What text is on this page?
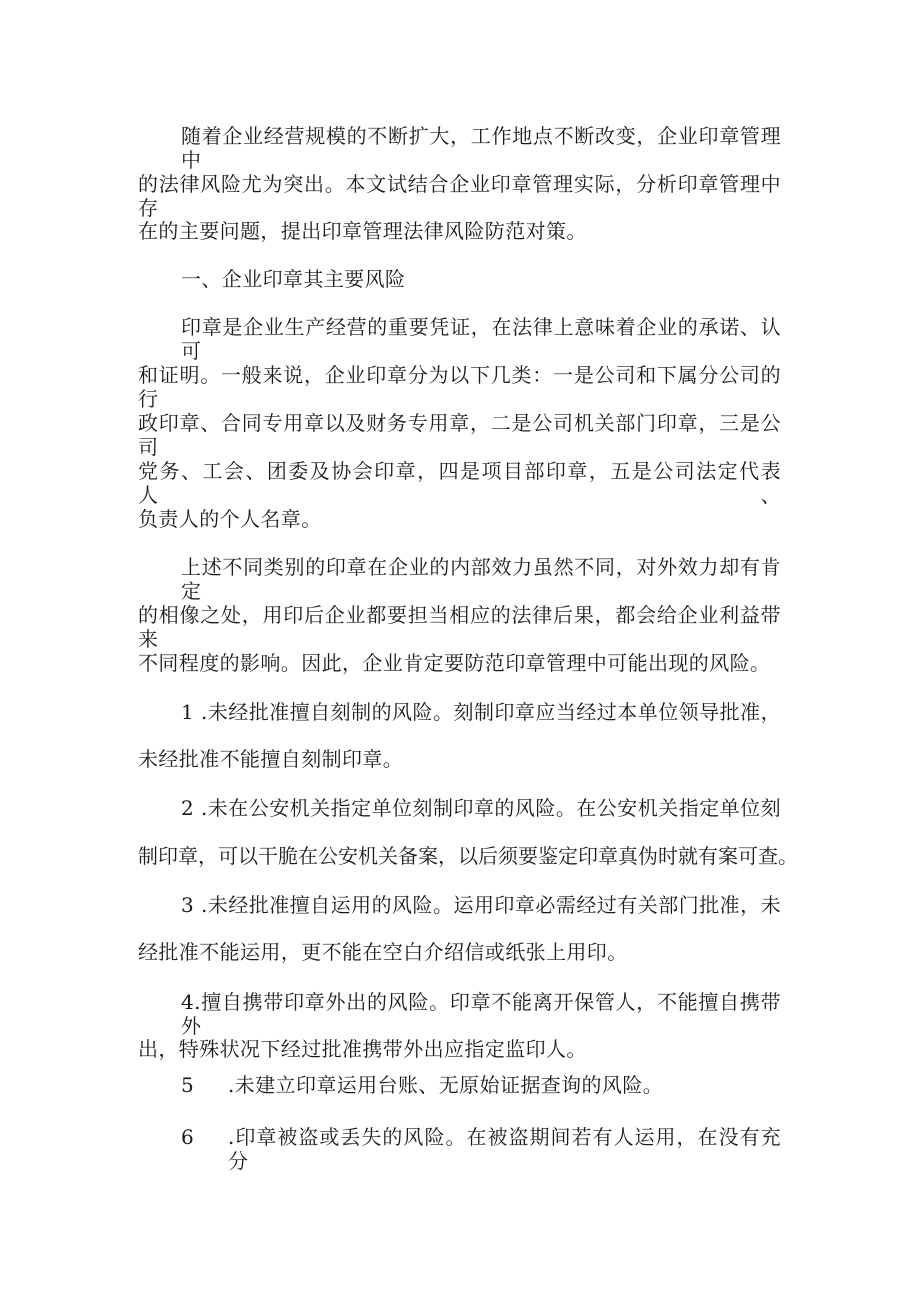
随着企业经营规模的不断扩大，工作地点不断改变，企业印章管理中
的法律风险尤为突出。本文试结合企业印章管理实际，分析印章管理中存
在的主要问题，提出印章管理法律风险防范对策。
一、企业印章其主要风险
印章是企业生产经营的重要凭证，在法律上意味着企业的承诺、认可
和证明。一般来说，企业印章分为以下几类：一是公司和下属分公司的行
政印章、合同专用章以及财务专用章，二是公司机关部门印章，三是公司
党务、工会、团委及协会印章，四是项目部印章，五是公司法定代表人、
负责人的个人名章。
上述不同类别的印章在企业的内部效力虽然不同，对外效力却有肯定
的相像之处，用印后企业都要担当相应的法律后果，都会给企业利益带来
不同程度的影响。因此，企业肯定要防范印章管理中可能出现的风险。
1 .未经批准擅自刻制的风险。刻制印章应当经过本单位领导批准，
未经批准不能擅自刻制印章。
2 .未在公安机关指定单位刻制印章的风险。在公安机关指定单位刻
制印章，可以干脆在公安机关备案，以后须要鉴定印章真伪时就有案可查。
3 .未经批准擅自运用的风险。运用印章必需经过有关部门批准，未
经批准不能运用，更不能在空白介绍信或纸张上用印。
4.擅自携带印章外出的风险。印章不能离开保管人，不能擅自携带外
出，特殊状况下经过批准携带外出应指定监印人。
5 .未建立印章运用台账、无原始证据查询的风险。
6 .印章被盗或丢失的风险。在被盗期间若有人运用，在没有充分
